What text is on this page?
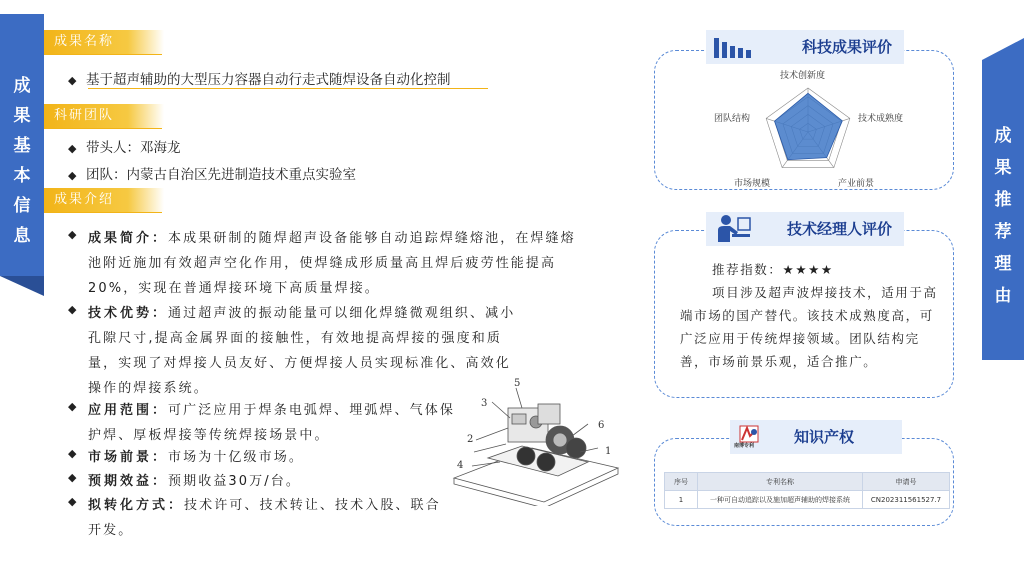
成
果
基
本
信
息
成
果
推
荐
理
由
成果名称
◆ 基于超声辅助的大型压力容器自动行走式随焊设备自动化控制
科研团队
◆ 带头人：邓海龙
◆ 团队：内蒙古自治区先进制造技术重点实验室
成果介绍
◆ 成果简介：本成果研制的随焊超声设备能够自动追踪焊缝熔池，在焊缝熔池附近施加有效超声空化作用，使焊缝成形质量高且焊后疲劳性能提高20%，实现在普通焊接环境下高质量焊接。
◆ 技术优势：通过超声波的振动能量可以细化焊缝微观组织、减小孔隙尺寸,提高金属界面的接触性，有效地提高焊接的强度和质量，实现了对焊接人员友好、方便焊接人员实现标准化、高效化操作的焊接系统。
◆ 应用范围：可广泛应用于焊条电弧焊、埋弧焊、气体保护焊、厚板焊接等传统焊接场景中。
◆ 市场前景：市场为十亿级市场。
◆ 预期效益：预期收益30万/台。
◆ 拟转化方式：技术许可、技术转让、技术入股、联合开发。
5
3
6
2
1
4
科技成果评价
技术创新度
技术成熟度
产业前景
市场规模
团队结构
技术经理人评价
推荐指数：★★★★
项目涉及超声波焊接技术，适用于高端市场的国产替代。该技术成熟度高，可广泛应用于传统焊接领域。团队结构完善，市场前景乐观，适合推广。
南博专利	知识产权
序号	专利名称	申请号
1	一种可自动追踪以及施加超声辅助的焊接系统	CN202311561527.7
